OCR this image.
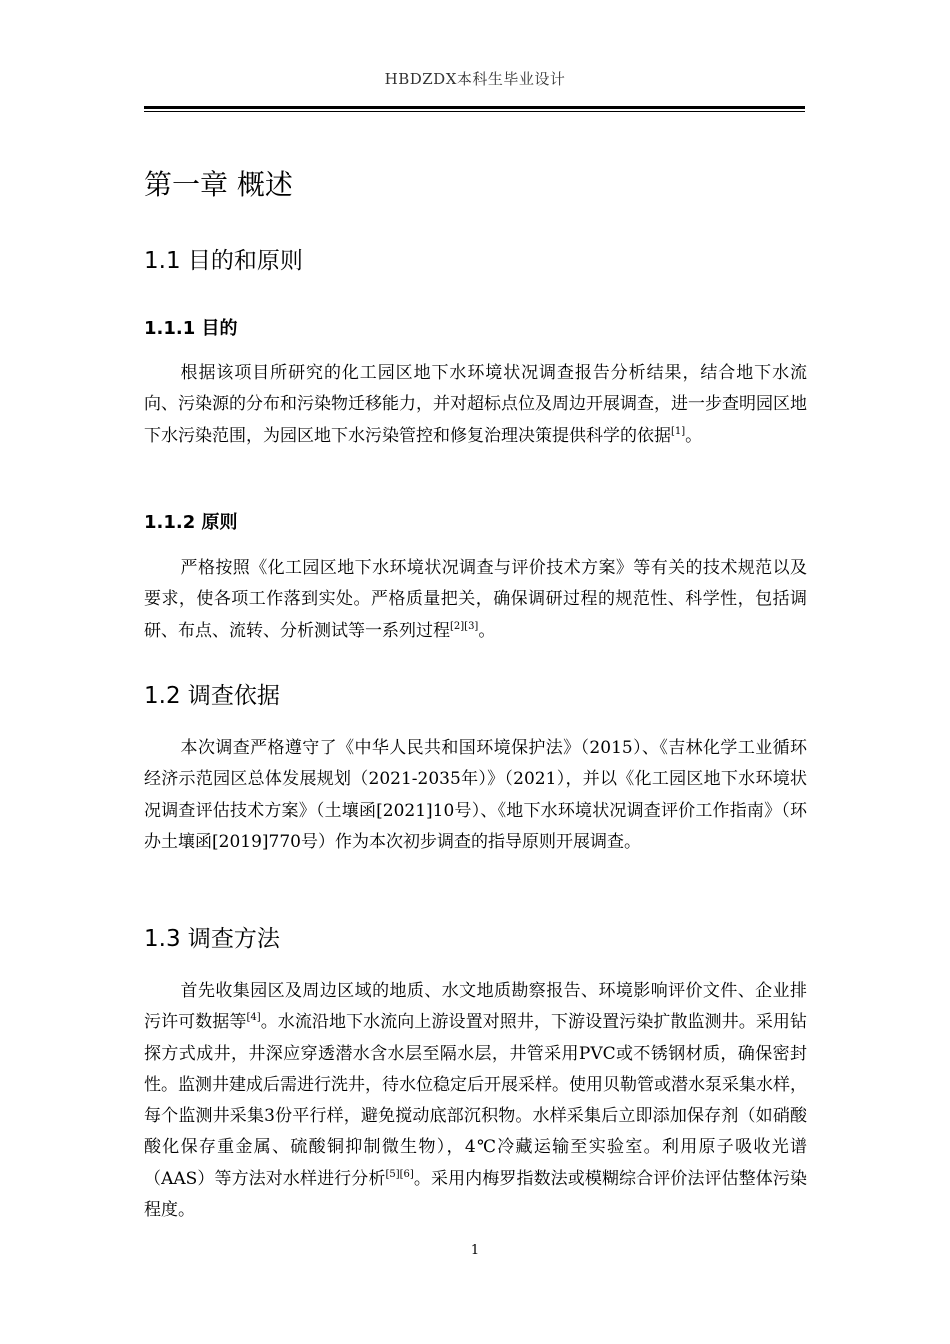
HBDZDX本科生毕业设计
第一章 概述
1.1 目的和原则
1.1.1 目的
根据该项目所研究的化工园区地下水环境状况调查报告分析结果，结合地下水流向、污染源的分布和污染物迁移能力，并对超标点位及周边开展调查，进一步查明园区地下水污染范围，为园区地下水污染管控和修复治理决策提供科学的依据[1]。
1.1.2 原则
严格按照《化工园区地下水环境状况调查与评价技术方案》等有关的技术规范以及要求，使各项工作落到实处。严格质量把关，确保调研过程的规范性、科学性，包括调研、布点、流转、分析测试等一系列过程[2][3]。
1.2 调查依据
本次调查严格遵守了《中华人民共和国环境保护法》（2015）、《吉林化学工业循环经济示范园区总体发展规划（2021-2035年）》（2021），并以《化工园区地下水环境状况调查评估技术方案》（土壤函[2021]10号）、《地下水环境状况调查评价工作指南》（环办土壤函[2019]770号）作为本次初步调查的指导原则开展调查。
1.3 调查方法
首先收集园区及周边区域的地质、水文地质勘察报告、环境影响评价文件、企业排污许可数据等[4]。水流沿地下水流向上游设置对照井，下游设置污染扩散监测井。采用钻探方式成井，井深应穿透潜水含水层至隔水层，井管采用PVC或不锈钢材质，确保密封性。监测井建成后需进行洗井，待水位稳定后开展采样。使用贝勒管或潜水泵采集水样，每个监测井采集3份平行样，避免搅动底部沉积物。水样采集后立即添加保存剂（如硝酸酸化保存重金属、硫酸铜抑制微生物），4℃冷藏运输至实验室。利用原子吸收光谱（AAS）等方法对水样进行分析[5][6]。采用内梅罗指数法或模糊综合评价法评估整体污染程度。
1
